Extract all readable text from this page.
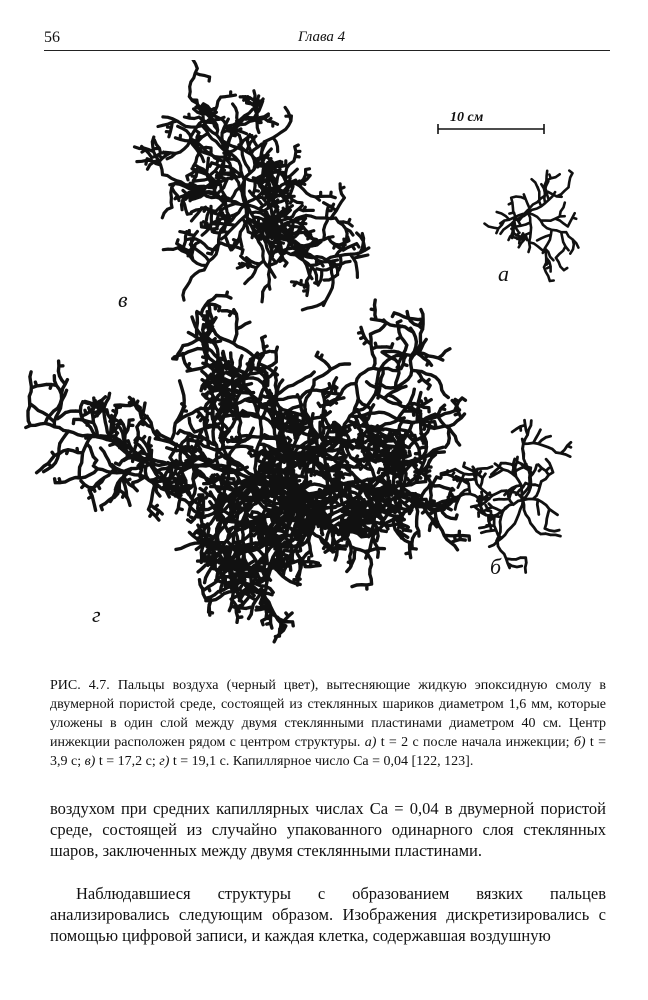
56	Глава 4
10 см
в
а
г
б

РИС. 4.7. Пальцы воздуха (черный цвет), вытесняющие жидкую эпоксидную смолу в двумерной пористой среде, состоящей из стеклянных шариков диаметром 1,6 мм, которые уложены в один слой между двумя стеклянными пластинами диаметром 40 см. Центр инжекции расположен рядом с центром структуры. а) t = 2 с после начала инжекции; б) t = 3,9 с; в) t = 17,2 с; г) t = 19,1 с. Капиллярное число Ca = 0,04 [122, 123].

воздухом при средних капиллярных числах Ca = 0,04 в двумерной пористой среде, состоящей из случайно упакованного одинарного слоя стеклянных шаров, заключенных между двумя стеклянными пластинами.

Наблюдавшиеся структуры с образованием вязких пальцев анализировались следующим образом. Изображения дискретизировались с помощью цифровой записи, и каждая клетка, содержавшая воздушную
